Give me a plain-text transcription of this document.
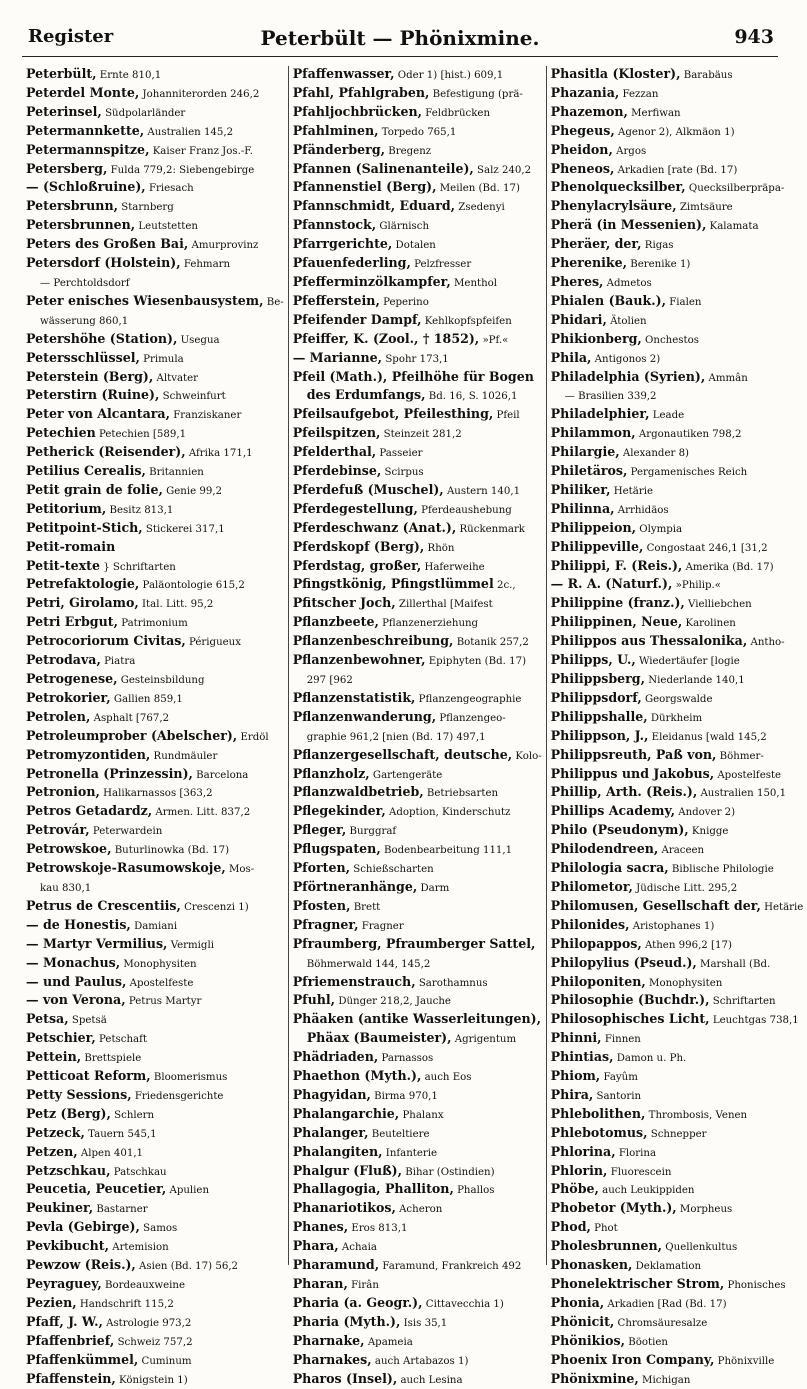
Register	Peterbült — Phönixmine.	943
Peterbült, Ernte 810,1
Peterdel Monte, Johanniterorden 246,2
Peterinsel, Südpolarländer
Petermannkette, Australien 145,2
Petermannspitze, Kaiser Franz Jos.-F.
Petersberg, Fulda 779,2: Siebengebirge
— (Schloßruine), Friesach
Petersbrunn, Starnberg
Petersbrunnen, Leutstetten
Peters des Großen Bai, Amurprovinz
Petersdorf (Holstein), Fehmarn
— Perchtoldsdorf
Peter enisches Wiesenbausystem, Be-
wässerung 860,1
Petershöhe (Station), Usegua
Petersschlüssel, Primula
Peterstein (Berg), Altvater
Peterstirn (Ruine), Schweinfurt
Peter von Alcantara, Franziskaner
Petechien Petechien [589,1
Petherick (Reisender), Afrika 171,1
Petilius Cerealis, Britannien
Petit grain de folie, Genie 99,2
Petitorium, Besitz 813,1
Petitpoint-Stich, Stickerei 317,1
Petit-romain
Petit-texte } Schriftarten
Petrefaktologie, Paläontologie 615,2
Petri, Girolamo, Ital. Litt. 95,2
Petri Erbgut, Patrimonium
Petrocoriorum Civitas, Périgueux
Petrodava, Piatra
Petrogenese, Gesteinsbildung
Petrokorier, Gallien 859,1
Petrolen, Asphalt [767,2
Petroleumprober (Abelscher), Erdöl
Petromyzontiden, Rundmäuler
Petronella (Prinzessin), Barcelona
Petronion, Halikarnassos [363,2
Petros Getadardz, Armen. Litt. 837,2
Petrovár, Peterwardein
Petrowskoe, Buturlinowka (Bd. 17)
Petrowskoje-Rasumowskoje, Mos-
kau 830,1
Petrus de Crescentiis, Crescenzi 1)
— de Honestis, Damiani
— Martyr Vermilius, Vermigli
— Monachus, Monophysiten
— und Paulus, Apostelfeste
— von Verona, Petrus Martyr
Petsa, Spetsä
Petschier, Petschaft
Pettein, Brettspiele
Petticoat Reform, Bloomerismus
Petty Sessions, Friedensgerichte
Petz (Berg), Schlern
Petzeck, Tauern 545,1
Petzen, Alpen 401,1
Petzschkau, Patschkau
Peucetia, Peucetier, Apulien
Peukiner, Bastarner
Pevla (Gebirge), Samos
Pevkibucht, Artemision
Pewzow (Reis.), Asien (Bd. 17) 56,2
Peyraguey, Bordeauxweine
Pezien, Handschrift 115,2
Pfaff, J. W., Astrologie 973,2
Pfaffenbrief, Schweiz 757,2
Pfaffenkümmel, Cuminum
Pfaffenstein, Königstein 1)
Pfaffenwasser, Oder 1) [hist.) 609,1
Pfahl, Pfahlgraben, Befestigung (prä-
Pfahljochbrücken, Feldbrücken
Pfahlminen, Torpedo 765,1
Pfänderberg, Bregenz
Pfannen (Salinenanteile), Salz 240,2
Pfannenstiel (Berg), Meilen (Bd. 17)
Pfannschmidt, Eduard, Zsedenyi
Pfannstock, Glärnisch
Pfarrgerichte, Dotalen
Pfauenfederling, Pelzfresser
Pfefferminzölkampfer, Menthol
Pfefferstein, Peperino
Pfeifender Dampf, Kehlkopfspfeifen
Pfeiffer, K. (Zool., † 1852), »Pf.«
— Marianne, Spohr 173,1
Pfeil (Math.), Pfeilhöhe für Bogen
des Erdumfangs, Bd. 16, S. 1026,1
Pfeilsaufgebot, Pfeilesthing, Pfeil
Pfeilspitzen, Steinzeit 281,2
Pfelderthal, Passeier
Pferdebinse, Scirpus
Pferdefuß (Muschel), Austern 140,1
Pferdegestellung, Pferdeaushebung
Pferdeschwanz (Anat.), Rückenmark
Pferdskopf (Berg), Rhön
Pferdstag, großer, Haferweihe
Pfingstkönig, Pfingstlümmel 2c.,
Pfitscher Joch, Zillerthal [Maifest
Pflanzbeete, Pflanzenerziehung
Pflanzenbeschreibung, Botanik 257,2
Pflanzenbewohner, Epiphyten (Bd. 17)
297 [962
Pflanzenstatistik, Pflanzengeographie
Pflanzenwanderung, Pflanzengeo-
graphie 961,2 [nien (Bd. 17) 497,1
Pflanzergesellschaft, deutsche, Kolo-
Pflanzholz, Gartengeräte
Pflanzwaldbetrieb, Betriebsarten
Pflegekinder, Adoption, Kinderschutz
Pfleger, Burggraf
Pflugspaten, Bodenbearbeitung 111,1
Pforten, Schießscharten
Pförtneranhänge, Darm
Pfosten, Brett
Pfragner, Fragner
Pfraumberg, Pfraumberger Sattel,
Böhmerwald 144, 145,2
Pfriemenstrauch, Sarothamnus
Pfuhl, Dünger 218,2, Jauche
Phäaken (antike Wasserleitungen),
Phäax (Baumeister), Agrigentum
Phädriaden, Parnassos
Phaethon (Myth.), auch Eos
Phagyidan, Birma 970,1
Phalangarchie, Phalanx
Phalanger, Beuteltiere
Phalangiten, Infanterie
Phalgur (Fluß), Bihar (Ostindien)
Phallagogia, Phalliton, Phallos
Phanariotikos, Acheron
Phanes, Eros 813,1
Phara, Achaia
Pharamund, Faramund, Frankreich 492
Pharan, Firân
Pharia (a. Geogr.), Cittavecchia 1)
Pharia (Myth.), Isis 35,1
Pharnake, Apameia
Pharnakes, auch Artabazos 1)
Pharos (Insel), auch Lesina
Phasitla (Kloster), Barabäus
Phazania, Fezzan
Phazemon, Merfiwan
Phegeus, Agenor 2), Alkmäon 1)
Pheidon, Argos
Pheneos, Arkadien [rate (Bd. 17)
Phenolquecksilber, Quecksilberpräpa-
Phenylacrylsäure, Zimtsäure
Pherä (in Messenien), Kalamata
Pheräer, der, Rigas
Pherenike, Berenike 1)
Pheres, Admetos
Phialen (Bauk.), Fialen
Phidari, Ätolien
Phikionberg, Onchestos
Phila, Antigonos 2)
Philadelphia (Syrien), Ammân
— Brasilien 339,2
Philadelphier, Leade
Philammon, Argonautiken 798,2
Philargie, Alexander 8)
Philetäros, Pergamenisches Reich
Philiker, Hetärie
Philinna, Arrhidäos
Philippeion, Olympia
Philippeville, Congostaat 246,1 [31,2
Philippi, F. (Reis.), Amerika (Bd. 17)
— R. A. (Naturf.), »Philip.«
Philippine (franz.), Vielliebchen
Philippinen, Neue, Karolinen
Philippos aus Thessalonika, Antho-
Philipps, U., Wiedertäufer [logie
Philippsberg, Niederlande 140,1
Philippsdorf, Georgswalde
Philippshalle, Dürkheim
Philippson, J., Eleidanus [wald 145,2
Philippsreuth, Paß von, Böhmer-
Philippus und Jakobus, Apostelfeste
Phillip, Arth. (Reis.), Australien 150,1
Phillips Academy, Andover 2)
Philo (Pseudonym), Knigge
Philodendreen, Araceen
Philologia sacra, Biblische Philologie
Philometor, Jüdische Litt. 295,2
Philomusen, Gesellschaft der, Hetärie
Philonides, Aristophanes 1)
Philopappos, Athen 996,2 [17)
Philopylius (Pseud.), Marshall (Bd.
Philoponiten, Monophysiten
Philosophie (Buchdr.), Schriftarten
Philosophisches Licht, Leuchtgas 738,1
Phinni, Finnen
Phintias, Damon u. Ph.
Phiom, Fayûm
Phira, Santorin
Phlebolithen, Thrombosis, Venen
Phlebotomus, Schnepper
Phlorina, Florina
Phlorin, Fluorescein
Phöbe, auch Leukippiden
Phobetor (Myth.), Morpheus
Phod, Phot
Pholesbrunnen, Quellenkultus
Phonasken, Deklamation
Phonelektrischer Strom, Phonisches
Phonia, Arkadien [Rad (Bd. 17)
Phönicit, Chromsäuresalze
Phönikios, Böotien
Phoenix Iron Company, Phönixville
Phönixmine, Michigan
